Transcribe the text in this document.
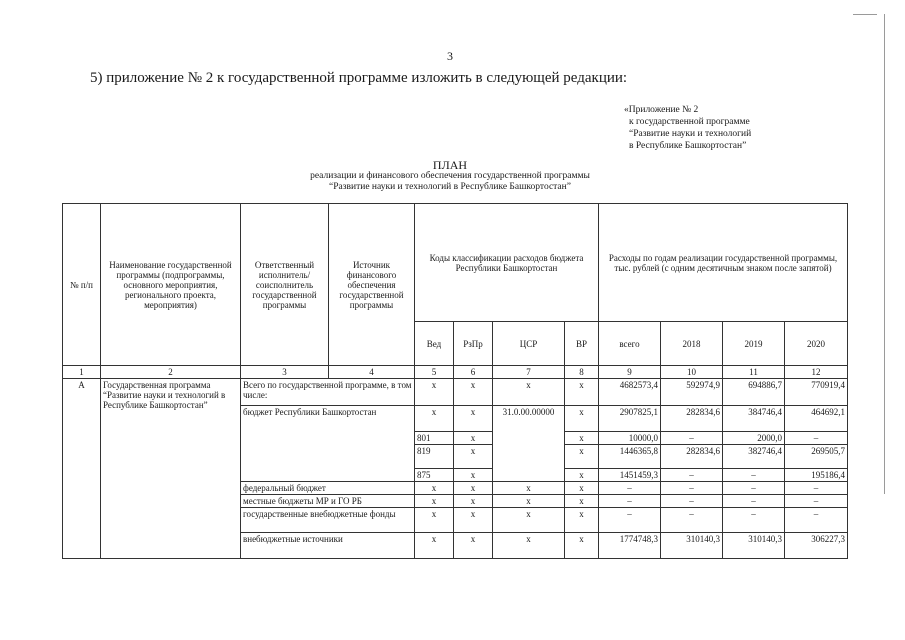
3
5) приложение № 2 к государственной программе изложить в следующей редакции:
«Приложение № 2
к государственной программе
“Развитие науки и технологий
в Республике Башкортостан”
ПЛАН
реализации и финансового обеспечения государственной программы
“Развитие науки и технологий в Республике Башкортостан”
№ п/п	Наименование государственной программы (подпрограммы, основного мероприятия, регионального проекта, мероприятия)	Ответственный исполнитель/ соисполнитель государственной программы	Источник финансового обеспечения государственной программы	Коды классификации расходов бюджета Республики Башкортостан				Расходы по годам реализации государственной программы, тыс. рублей (с одним десятичным знаком после запятой)			
				Вед	РзПр	ЦСР	ВР	всего	2018	2019	2020
1	2	3	4	5	6	7	8	9	10	11	12
А	Государственная программа “Развитие науки и технологий в Республике Башкортостан”	Всего по государственной программе, в том числе:		х	х	х	х	4682573,4	592974,9	694886,7	770919,4
		бюджет Республики Башкортостан		х	х	31.0.00.00000	х	2907825,1	282834,6	384746,4	464692,1
				801	х		х	10000,0	–	2000,0	–
				819	х		х	1446365,8	282834,6	382746,4	269505,7
				875	х		х	1451459,3	–	–	195186,4
		федеральный бюджет		х	х	х	х	–	–	–	–
		местные бюджеты МР и ГО РБ		х	х	х	х	–	–	–	–
		государственные внебюджетные фонды		х	х	х	х	–	–	–	–
		внебюджетные источники		х	х	х	х	1774748,3	310140,3	310140,3	306227,3
